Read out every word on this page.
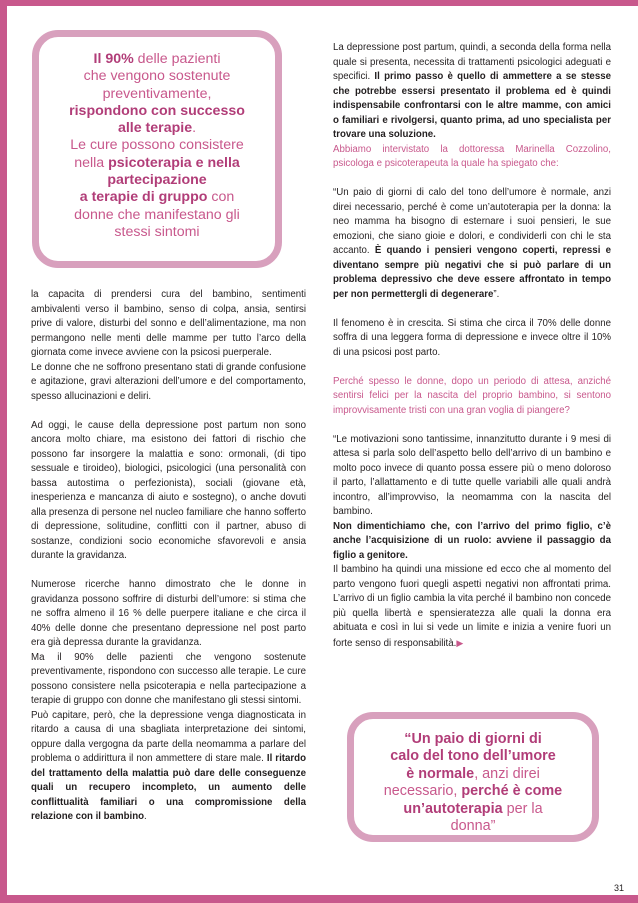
Il 90% delle pazienti
che vengono sostenute
preventivamente,
rispondono con successo
alle terapie.
Le cure possono consistere
nella psicoterapia e nella
partecipazione
a terapie di gruppo con
donne che manifestano gli
stessi sintomi

la capacita di prendersi cura del bambino, sentimenti ambivalenti verso il bambino, senso di colpa, ansia, sentirsi prive di valore, disturbi del sonno e dell’alimentazione, ma non permangono nelle menti delle mamme per tutto l’arco della giornata come invece avviene con la psicosi puerperale.

Le donne che ne soffrono presentano stati di grande confusione e agitazione, gravi alterazioni dell’umore e del comportamento, spesso allucinazioni e deliri.

Ad oggi, le cause della depressione post partum non sono ancora molto chiare, ma esistono dei fattori di rischio che possono far insorgere la malattia e sono: ormonali, (di tipo sessuale e tiroideo), biologici, psicologici (una personalità con bassa autostima o perfezionista), sociali (giovane età, inesperienza e mancanza di aiuto e sostegno), o anche dovuti alla presenza di persone nel nucleo familiare che hanno sofferto di depressione, solitudine, conflitti con il partner, abuso di sostanze, condizioni socio economiche sfavorevoli e ansia durante la gravidanza.

Numerose ricerche hanno dimostrato che le donne in gravidanza possono soffrire di disturbi dell’umore: si stima che ne soffra almeno il 16 % delle puerpere italiane e che circa il 40% delle donne che presentano depressione nel post parto era già depressa durante la gravidanza.

Ma il 90% delle pazienti che vengono sostenute preventivamente, rispondono con successo alle terapie. Le cure possono consistere nella psicoterapia e nella partecipazione a terapie di gruppo con donne che manifestano gli stessi sintomi.

Può capitare, però, che la depressione venga diagnosticata in ritardo a causa di una sbagliata interpretazione dei sintomi, oppure dalla vergogna da parte della neomamma a parlare del problema o addirittura il non ammettere di stare male. Il ritardo del trattamento della malattia può dare delle conseguenze quali un recupero incompleto, un aumento delle conflittualità familiari o una compromissione della relazione con il bambino.

La depressione post partum, quindi, a seconda della forma nella quale si presenta, necessita di trattamenti psicologici adeguati e specifici. Il primo passo è quello di ammettere a se stesse che potrebbe essersi presentato il problema ed è quindi indispensabile confrontarsi con le altre mamme, con amici o familiari e rivolgersi, quanto prima, ad uno specialista per trovare una soluzione.

Abbiamo intervistato la dottoressa Marinella Cozzolino, psicologa e psicoterapeuta la quale ha spiegato che:

“Un paio di giorni di calo del tono dell’umore è normale, anzi direi necessario, perché è come un’autoterapia per la donna: la neo mamma ha bisogno di esternare i suoi pensieri, le sue emozioni, che siano gioie e dolori, e condividerli con chi le sta accanto. È quando i pensieri vengono coperti, repressi e diventano sempre più negativi che si può parlare di un problema depressivo che deve essere affrontato in tempo per non permettergli di degenerare”.

Il fenomeno è in crescita. Si stima che circa il 70% delle donne soffra di una leggera forma di depressione e invece oltre il 10% di una psicosi post parto.

Perché spesso le donne, dopo un periodo di attesa, anziché sentirsi felici per la nascita del proprio bambino, si sentono improvvisamente tristi con una gran voglia di piangere?

“Le motivazioni sono tantissime, innanzitutto durante i 9 mesi di attesa si parla solo dell’aspetto bello dell’arrivo di un bambino e molto poco invece di quanto possa essere più o meno doloroso il parto, l’allattamento e di tutte quelle variabili alle quali andrà incontro, all’improvviso, la neomamma con la nascita del bambino.

Non dimentichiamo che, con l’arrivo del primo figlio, c’è anche l’acquisizione di un ruolo: avviene il passaggio da figlio a genitore.

Il bambino ha quindi una missione ed ecco che al momento del parto vengono fuori quegli aspetti negativi non affrontati prima. L’arrivo di un figlio cambia la vita perché il bambino non concede più quella libertà e spensieratezza alle quali la donna era abituata e così in lui si vede un limite e inizia a venire fuori un forte senso di responsabilità.▶

“Un paio di giorni di
calo del tono dell’umore
è normale, anzi direi
necessario, perché è come
un’autoterapia per la
donna”
31
